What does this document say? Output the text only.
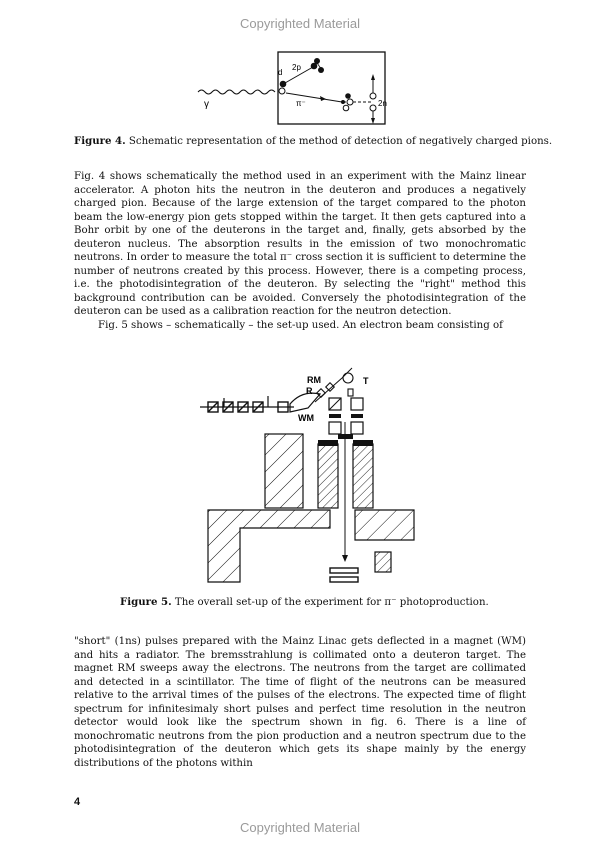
Copyrighted Material
γ
d
2p
π⁻	2n
Figure 4. Schematic representation of the method of detection of negatively charged pions.

Fig. 4 shows schematically the method used in an experiment with the Mainz linear accelerator. A photon hits the neutron in the deuteron and produces a negatively charged pion. Because of the large extension of the target compared to the photon beam the low-energy pion gets stopped within the target. It then gets captured into a Bohr orbit by one of the deuterons in the target and, finally, gets absorbed by the deuteron nucleus. The absorption results in the emission of two monochromatic neutrons. In order to measure the total π⁻ cross section it is sufficient to determine the number of neutrons created by this process. However, there is a competing process, i.e. the photodisintegration of the deuteron. By selecting the "right" method this background contribution can be avoided. Conversely the photodisintegration of the deuteron can be used as a calibration reaction for the neutron detection.

Fig. 5 shows – schematically – the set-up used. An electron beam consisting of

WM
RM
R
T
Figure 5. The overall set-up of the experiment for π⁻ photoproduction.

"short" (1ns) pulses prepared with the Mainz Linac gets deflected in a magnet (WM) and hits a radiator. The bremsstrahlung is collimated onto a deuteron target. The magnet RM sweeps away the electrons. The neutrons from the target are collimated and detected in a scintillator. The time of flight of the neutrons can be measured relative to the arrival times of the pulses of the electrons. The expected time of flight spectrum for infinitesimaly short pulses and perfect time resolution in the neutron detector would look like the spectrum shown in fig. 6. There is a line of monochromatic neutrons from the pion production and a neutron spectrum due to the photodisintegration of the deuteron which gets its shape mainly by the energy distributions of the photons within

4
Copyrighted Material
